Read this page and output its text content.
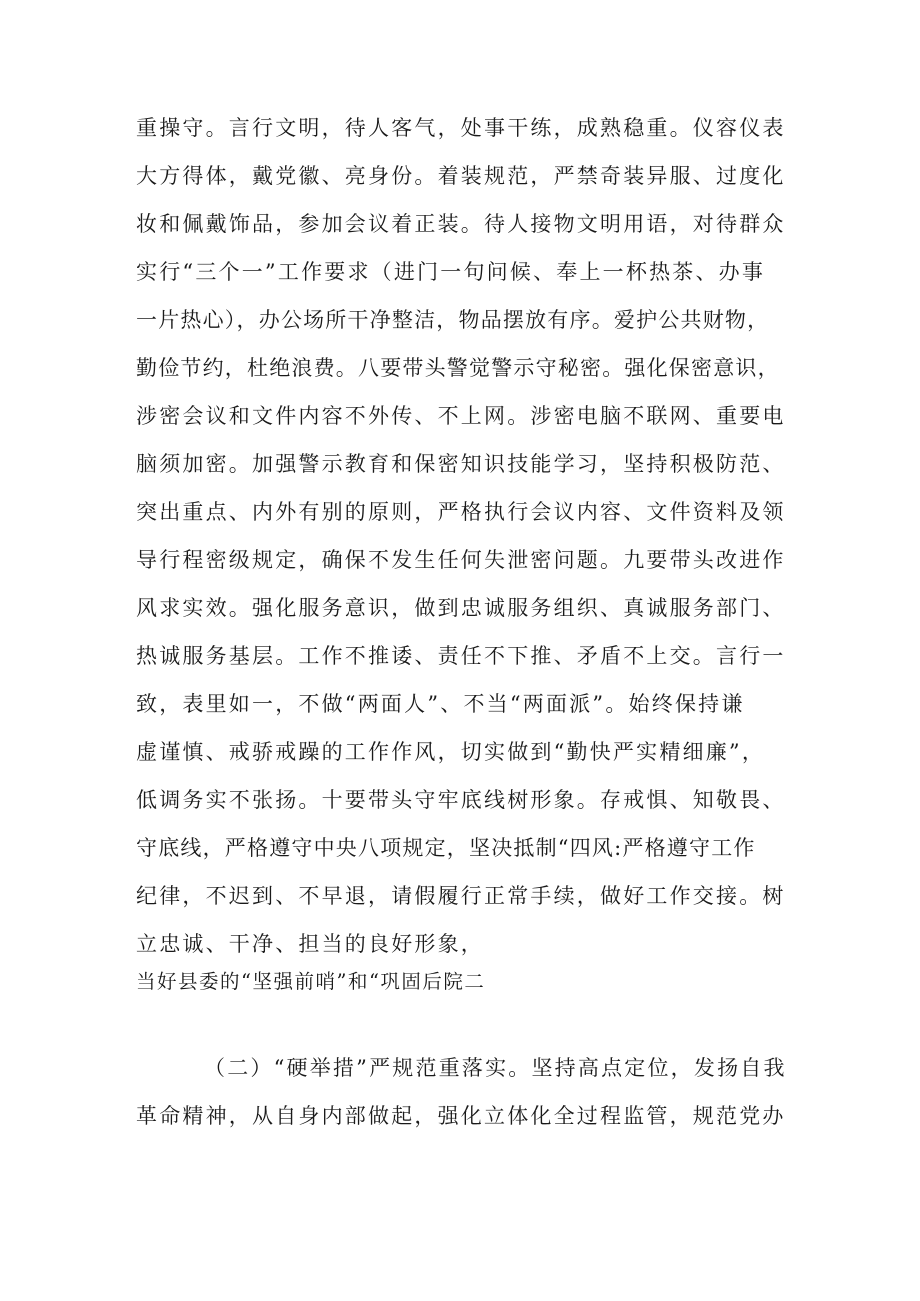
重操守。言行文明，待人客气，处事干练，成熟稳重。仪容仪表
大方得体，戴党徽、亮身份。着装规范，严禁奇装异服、过度化
妆和佩戴饰品，参加会议着正装。待人接物文明用语，对待群众
实行“三个一”工作要求（进门一句问候、奉上一杯热茶、办事
一片热心），办公场所干净整洁，物品摆放有序。爱护公共财物，
勤俭节约，杜绝浪费。八要带头警觉警示守秘密。强化保密意识，
涉密会议和文件内容不外传、不上网。涉密电脑不联网、重要电
脑须加密。加强警示教育和保密知识技能学习，坚持积极防范、
突出重点、内外有别的原则，严格执行会议内容、文件资料及领
导行程密级规定，确保不发生任何失泄密问题。九要带头改进作
风求实效。强化服务意识，做到忠诚服务组织、真诚服务部门、
热诚服务基层。工作不推诿、责任不下推、矛盾不上交。言行一
致，表里如一，不做“两面人”、不当“两面派”。始终保持谦
虚谨慎、戒骄戒躁的工作作风，切实做到“勤快严实精细廉”，
低调务实不张扬。十要带头守牢底线树形象。存戒惧、知敬畏、
守底线，严格遵守中央八项规定，坚决抵制“四风:严格遵守工作
纪律，不迟到、不早退，请假履行正常手续，做好工作交接。树
立忠诚、干净、担当的良好形象，
当好县委的“坚强前哨”和“巩固后院二
（二）“硬举措”严规范重落实。坚持高点定位，发扬自我
革命精神，从自身内部做起，强化立体化全过程监管，规范党办
